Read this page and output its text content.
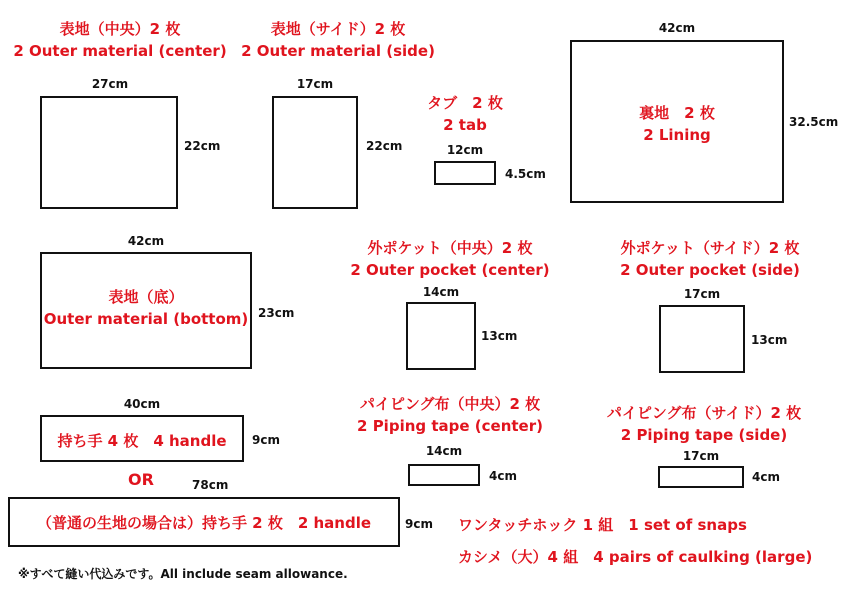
表地（中央）2 枚
2 Outer material (center)
27cm
22cm
表地（サイド）2 枚
2 Outer material (side)
17cm
22cm
タブ　2 枚
2 tab
12cm
4.5cm
42cm
裏地　2 枚
2 Lining
32.5cm
42cm
表地（底）
Outer material (bottom) 23cm
外ポケット（中央）2 枚
2 Outer pocket (center)
14cm
13cm
外ポケット（サイド）2 枚
2 Outer pocket (side)
17cm
13cm
40cm
持ち手 4 枚　4 handle	9cm
OR	78cm
（普通の生地の場合は）持ち手 2 枚　2 handle	9cm
パイピング布（中央）2 枚
2 Piping tape (center)
14cm
4cm
パイピング布（サイド）2 枚
2 Piping tape (side)
17cm
4cm
ワンタッチホック 1 組　1 set of snaps
カシメ（大）4 組　4 pairs of caulking (large)
※すべて縫い代込みです。All include seam allowance.
